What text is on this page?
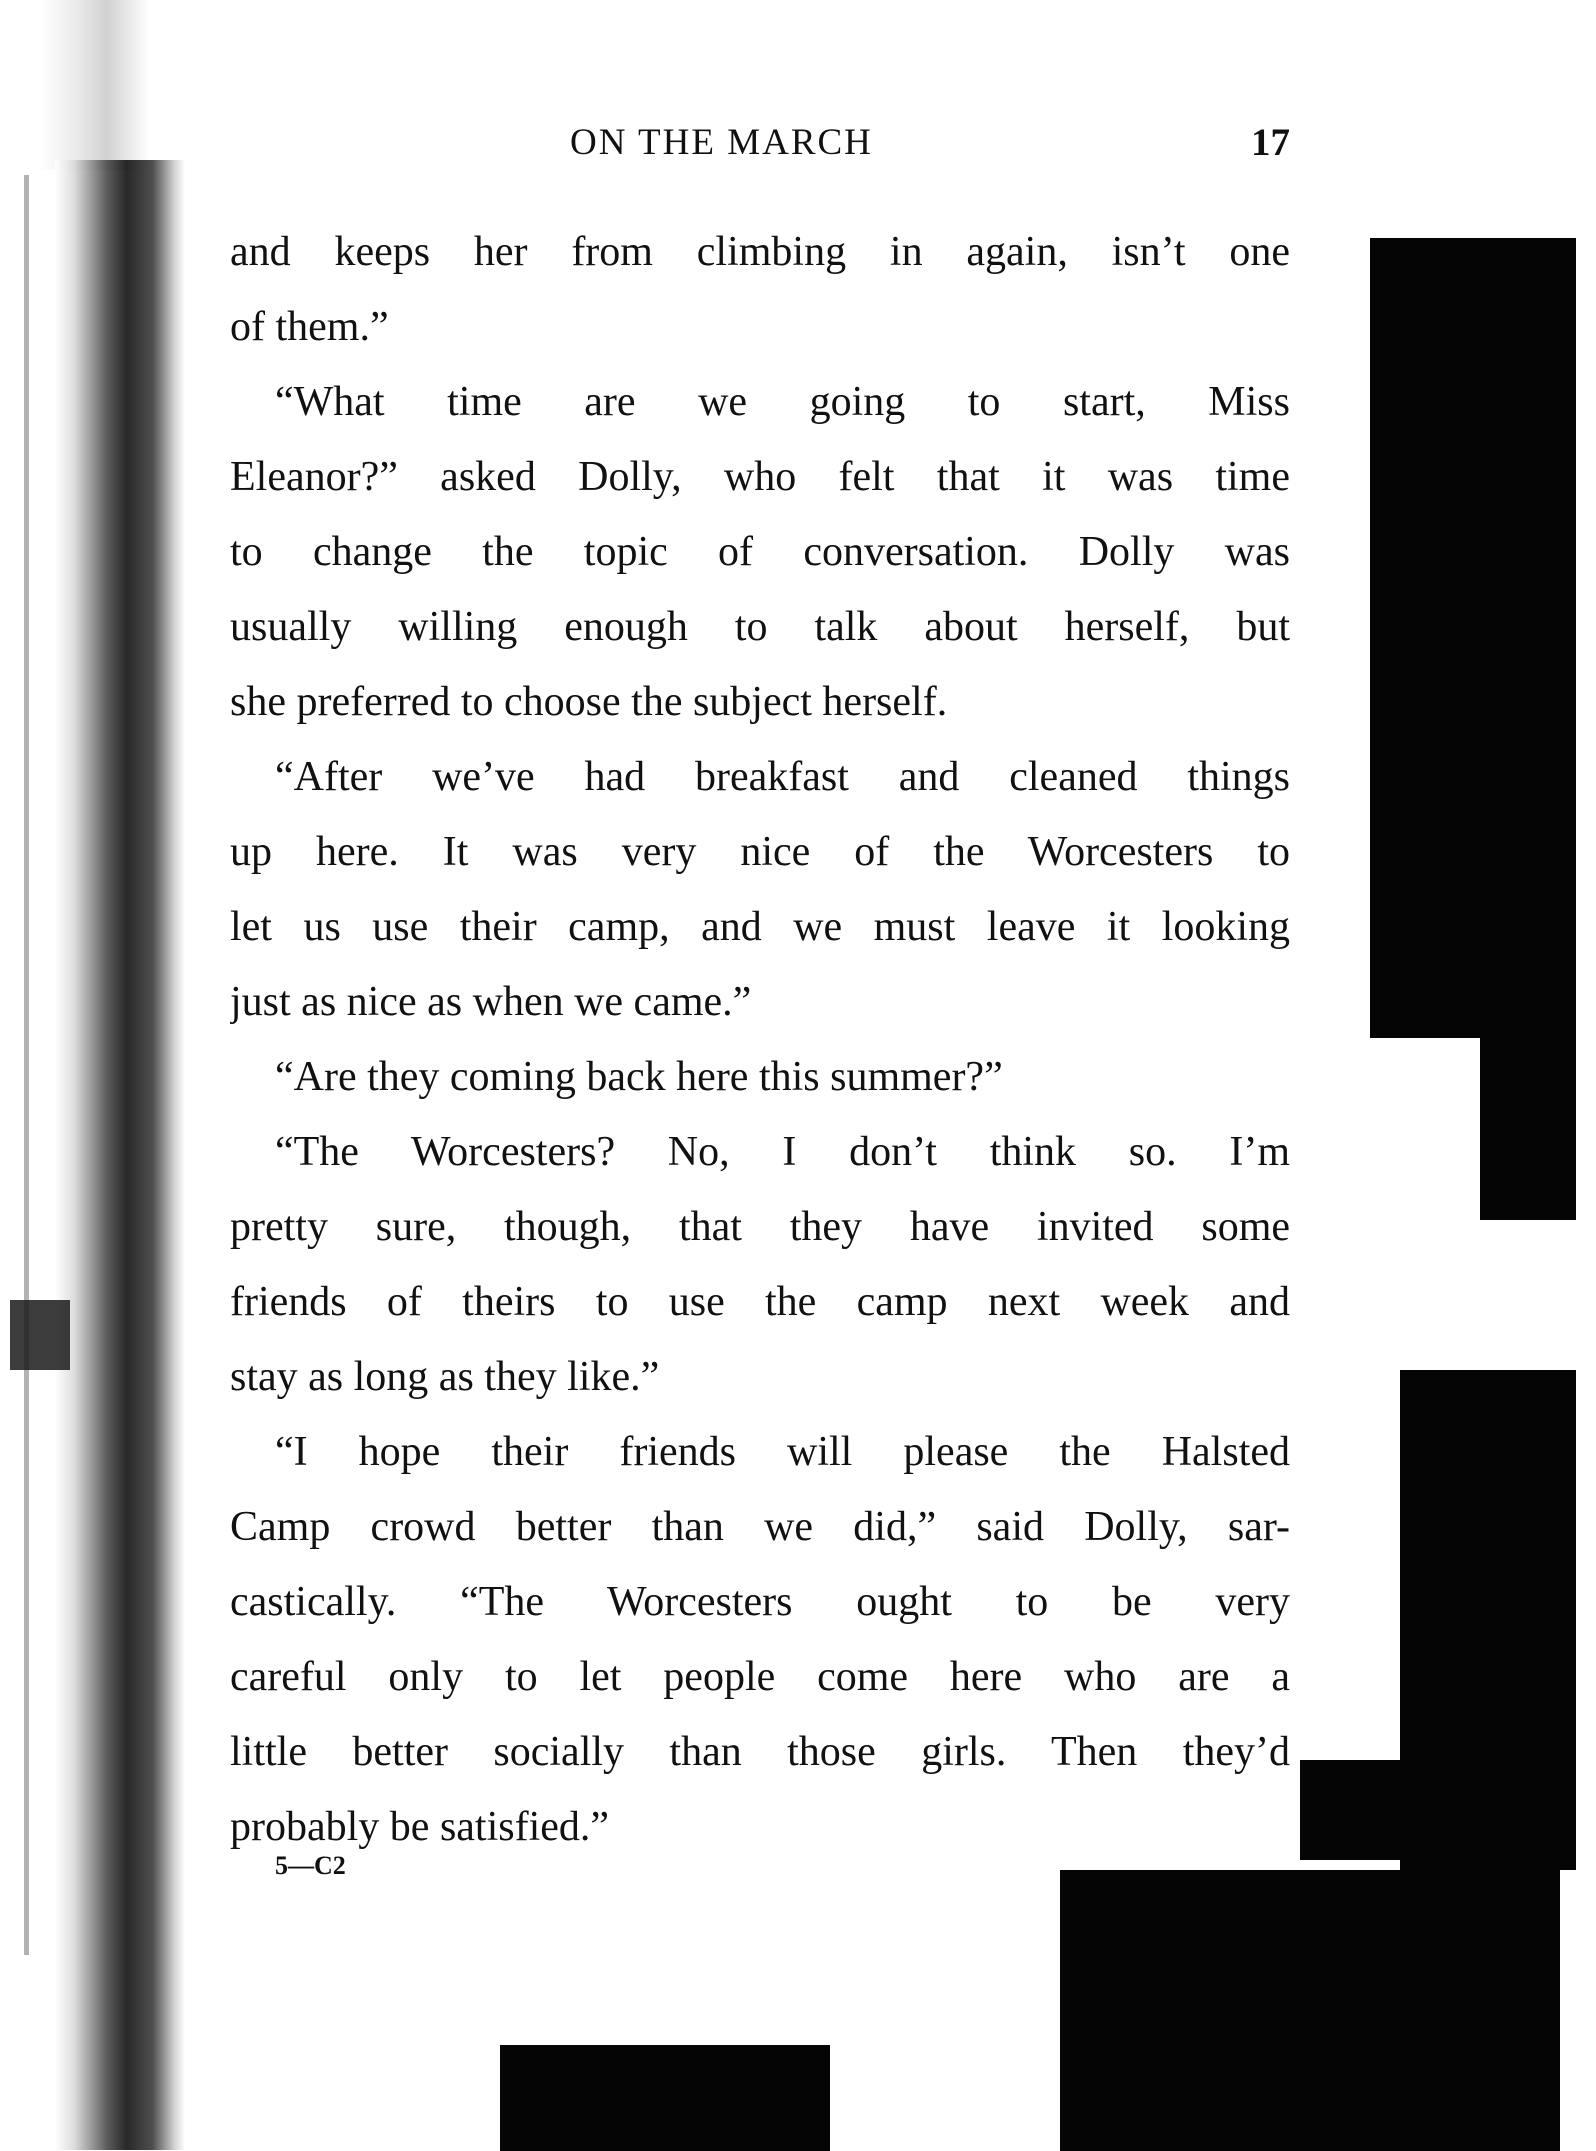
ON THE MARCH	17
and keeps her from climbing in again, isn’t one
of them.”
“What time are we going to start, Miss
Eleanor?” asked Dolly, who felt that it was time
to change the topic of conversation. Dolly was
usually willing enough to talk about herself, but
she preferred to choose the subject herself.
“After we’ve had breakfast and cleaned things
up here. It was very nice of the Worcesters to
let us use their camp, and we must leave it looking
just as nice as when we came.”
“Are they coming back here this summer?”
“The Worcesters? No, I don’t think so. I’m
pretty sure, though, that they have invited some
friends of theirs to use the camp next week and
stay as long as they like.”
“I hope their friends will please the Halsted
Camp crowd better than we did,” said Dolly, sar-
castically. “The Worcesters ought to be very
careful only to let people come here who are a
little better socially than those girls. Then they’d
probably be satisfied.”
5—C2
